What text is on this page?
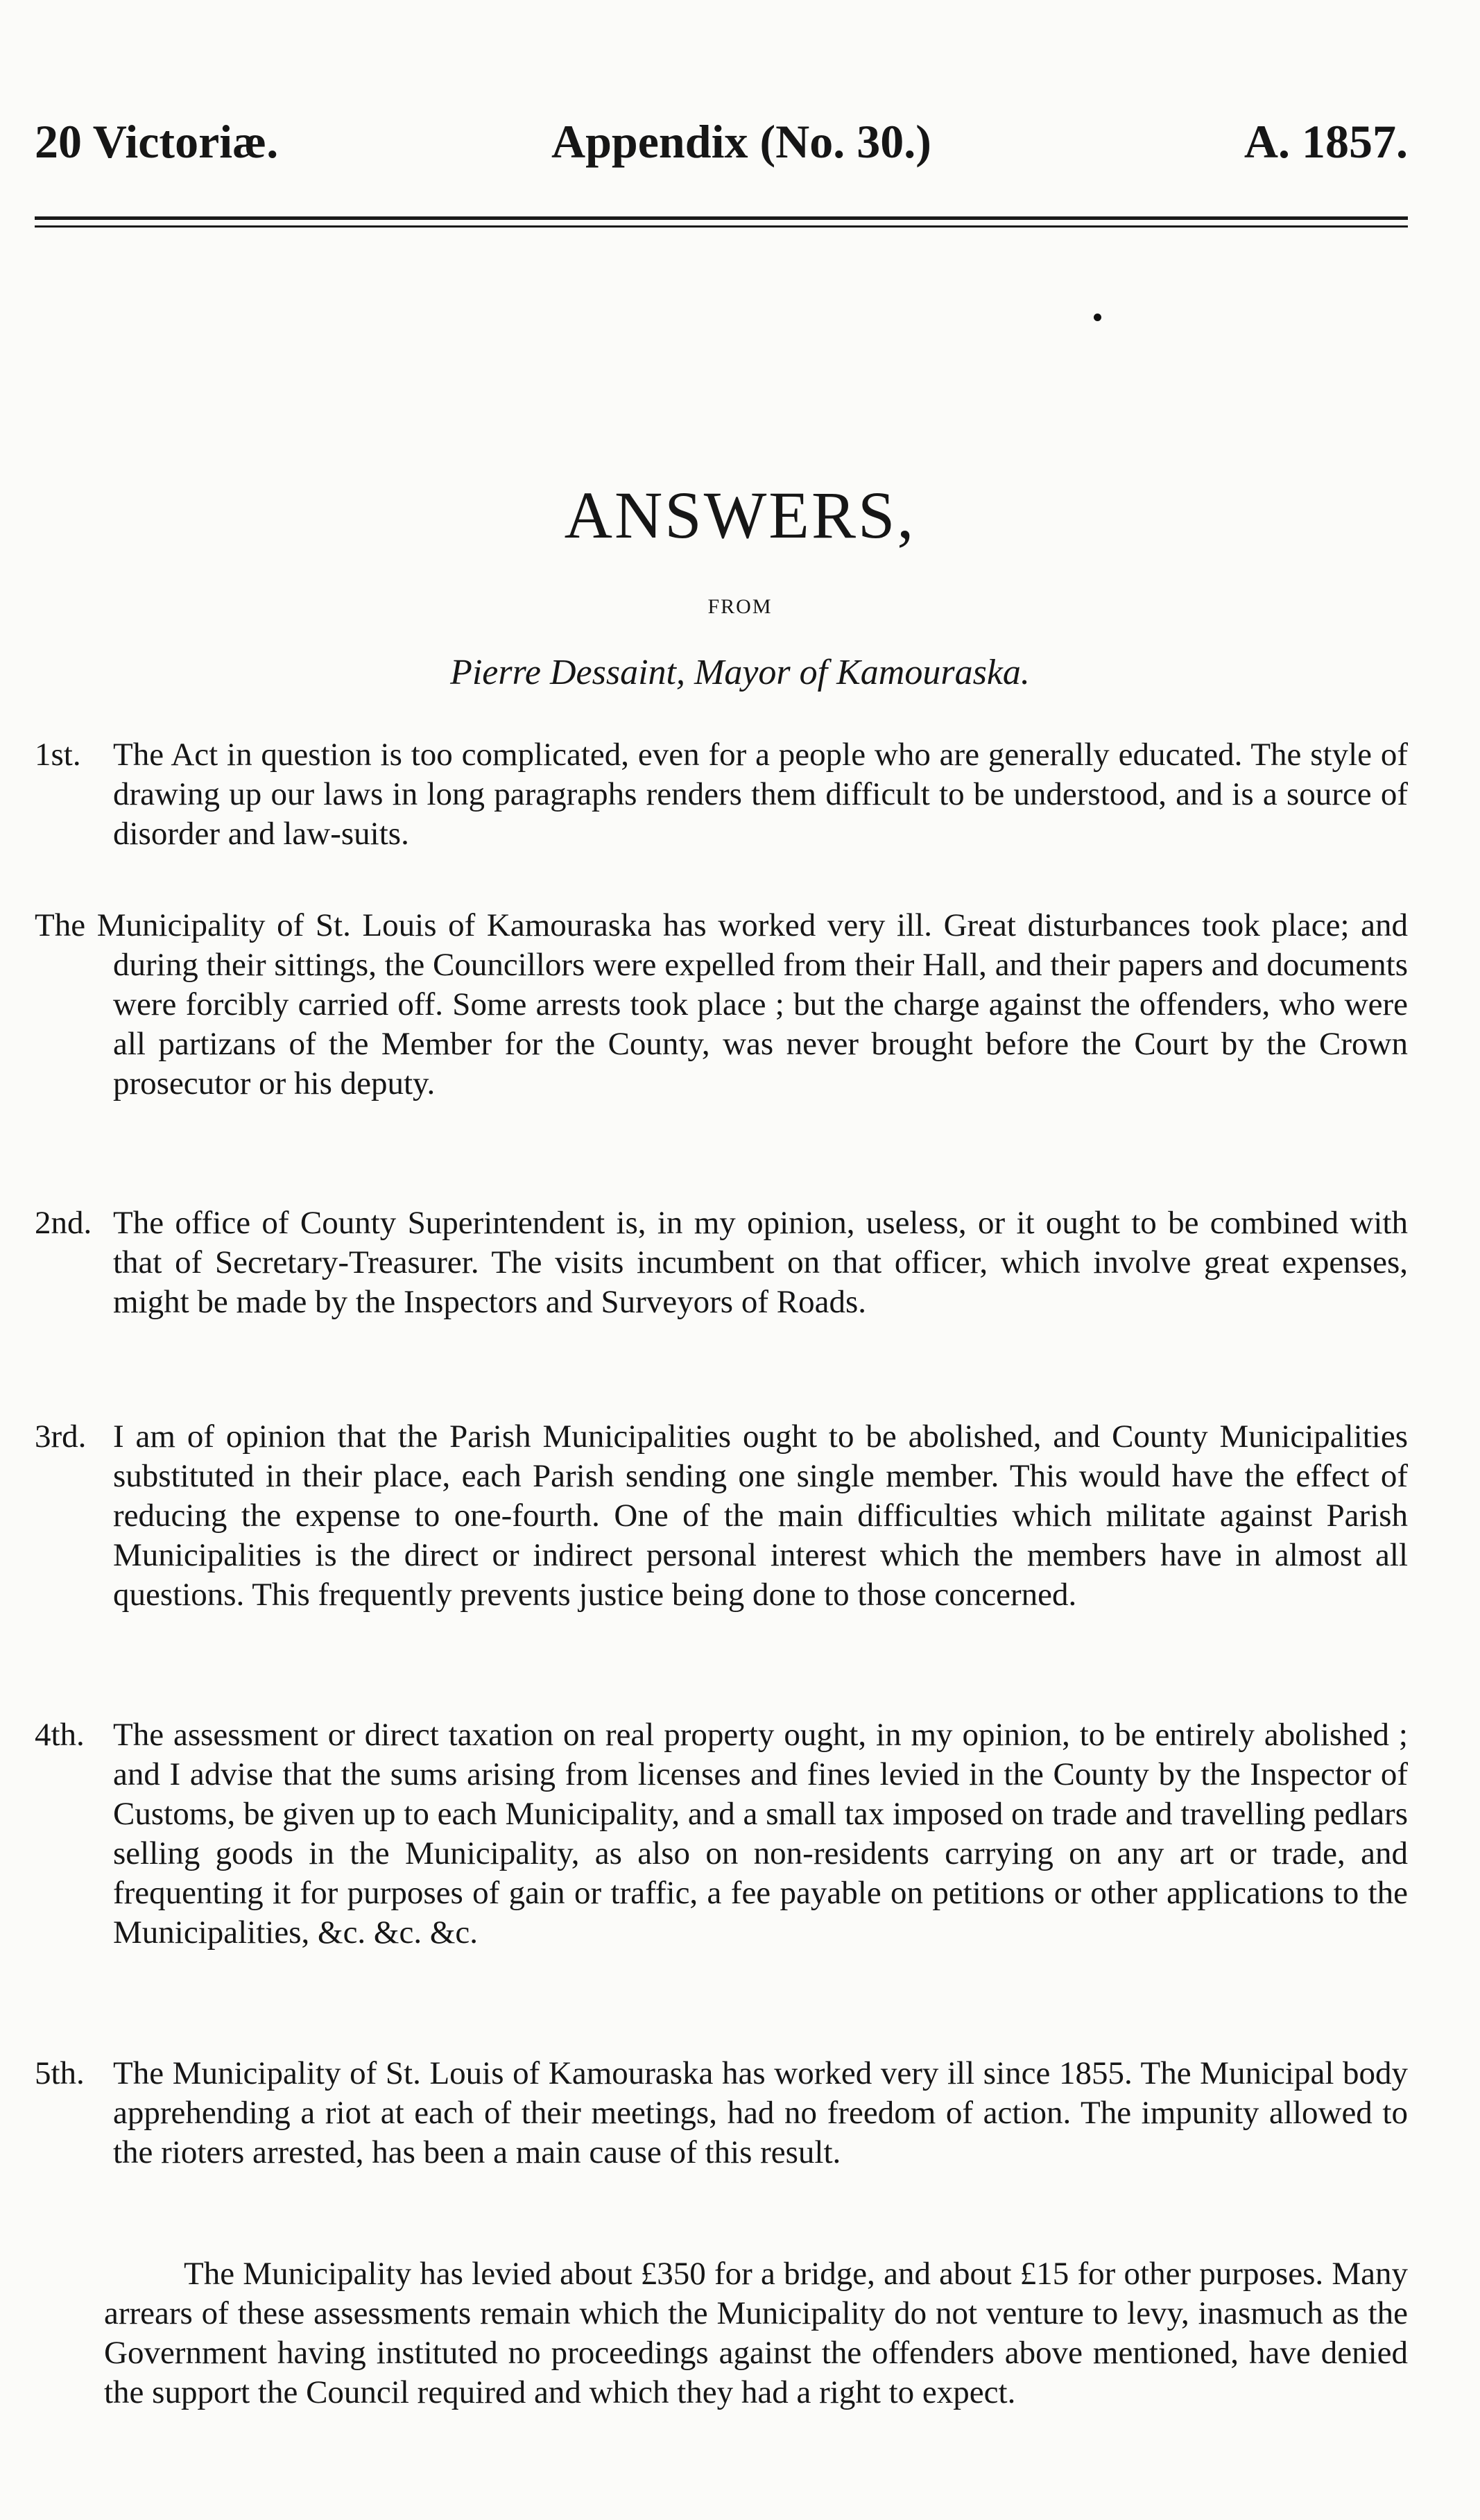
20 Victoriæ.	Appendix (No. 30.)	A. 1857.
ANSWERS,
FROM
Pierre Dessaint, Mayor of Kamouraska.

1st. The Act in question is too complicated, even for a people who are generally educated. The style of drawing up our laws in long paragraphs renders them difficult to be understood, and is a source of disorder and law-suits.

The Municipality of St. Louis of Kamouraska has worked very ill. Great disturbances took place; and during their sittings, the Councillors were expelled from their Hall, and their papers and documents were forcibly carried off. Some arrests took place ; but the charge against the offenders, who were all partizans of the Member for the County, was never brought before the Court by the Crown prosecutor or his deputy.

2nd. The office of County Superintendent is, in my opinion, useless, or it ought to be combined with that of Secretary-Treasurer. The visits incumbent on that officer, which involve great expenses, might be made by the Inspectors and Surveyors of Roads.

3rd. I am of opinion that the Parish Municipalities ought to be abolished, and County Municipalities substituted in their place, each Parish sending one single member. This would have the effect of reducing the expense to one-fourth. One of the main difficulties which militate against Parish Municipalities is the direct or indirect personal interest which the members have in almost all questions. This frequently prevents justice being done to those concerned.

4th. The assessment or direct taxation on real property ought, in my opinion, to be entirely abolished ; and I advise that the sums arising from licenses and fines levied in the County by the Inspector of Customs, be given up to each Municipality, and a small tax imposed on trade and travelling pedlars selling goods in the Municipality, as also on non-residents carrying on any art or trade, and frequenting it for purposes of gain or traffic, a fee payable on petitions or other applications to the Municipalities, &c. &c. &c.

5th. The Municipality of St. Louis of Kamouraska has worked very ill since 1855. The Municipal body apprehending a riot at each of their meetings, had no freedom of action. The impunity allowed to the rioters arrested, has been a main cause of this result.

The Municipality has levied about £350 for a bridge, and about £15 for other purposes. Many arrears of these assessments remain which the Municipality do not venture to levy, inasmuch as the Government having instituted no proceedings against the offenders above mentioned, have denied the support the Council required and which they had a right to expect.
